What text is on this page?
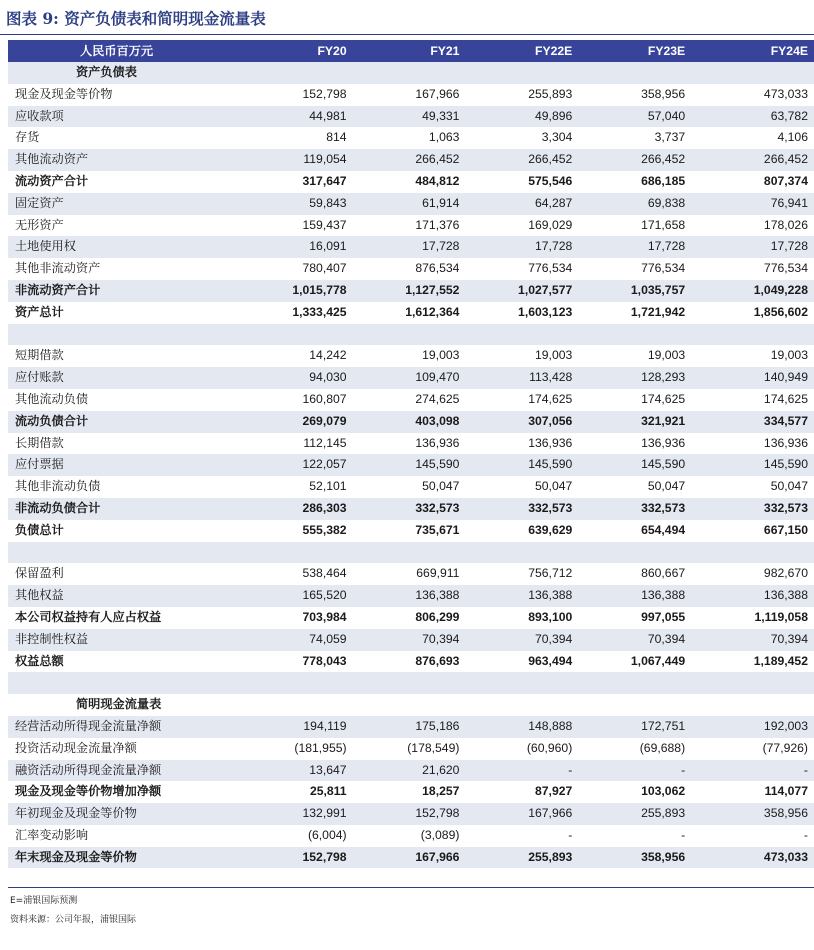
图表 9: 资产负债表和简明现金流量表
人民币百万元	FY20	FY21	FY22E	FY23E	FY24E
资产负债表
现金及现金等价物	152,798	167,966	255,893	358,956	473,033
应收款项	44,981	49,331	49,896	57,040	63,782
存货	814	1,063	3,304	3,737	4,106
其他流动资产	119,054	266,452	266,452	266,452	266,452
流动资产合计	317,647	484,812	575,546	686,185	807,374
固定资产	59,843	61,914	64,287	69,838	76,941
无形资产	159,437	171,376	169,029	171,658	178,026
土地使用权	16,091	17,728	17,728	17,728	17,728
其他非流动资产	780,407	876,534	776,534	776,534	776,534
非流动资产合计	1,015,778	1,127,552	1,027,577	1,035,757	1,049,228
资产总计	1,333,425	1,612,364	1,603,123	1,721,942	1,856,602
短期借款	14,242	19,003	19,003	19,003	19,003
应付账款	94,030	109,470	113,428	128,293	140,949
其他流动负债	160,807	274,625	174,625	174,625	174,625
流动负债合计	269,079	403,098	307,056	321,921	334,577
长期借款	112,145	136,936	136,936	136,936	136,936
应付票据	122,057	145,590	145,590	145,590	145,590
其他非流动负债	52,101	50,047	50,047	50,047	50,047
非流动负债合计	286,303	332,573	332,573	332,573	332,573
负债总计	555,382	735,671	639,629	654,494	667,150
保留盈利	538,464	669,911	756,712	860,667	982,670
其他权益	165,520	136,388	136,388	136,388	136,388
本公司权益持有人应占权益	703,984	806,299	893,100	997,055	1,119,058
非控制性权益	74,059	70,394	70,394	70,394	70,394
权益总额	778,043	876,693	963,494	1,067,449	1,189,452
简明现金流量表
经营活动所得现金流量净额	194,119	175,186	148,888	172,751	192,003
投资活动现金流量净额	(181,955)	(178,549)	(60,960)	(69,688)	(77,926)
融资活动所得现金流量净额	13,647	21,620	-	-	-
现金及现金等价物增加净额	25,811	18,257	87,927	103,062	114,077
年初现金及现金等价物	132,991	152,798	167,966	255,893	358,956
汇率变动影响	(6,004)	(3,089)	-	-	-
年末现金及现金等价物	152,798	167,966	255,893	358,956	473,033
E=浦银国际预测
资料来源：公司年报，浦银国际
